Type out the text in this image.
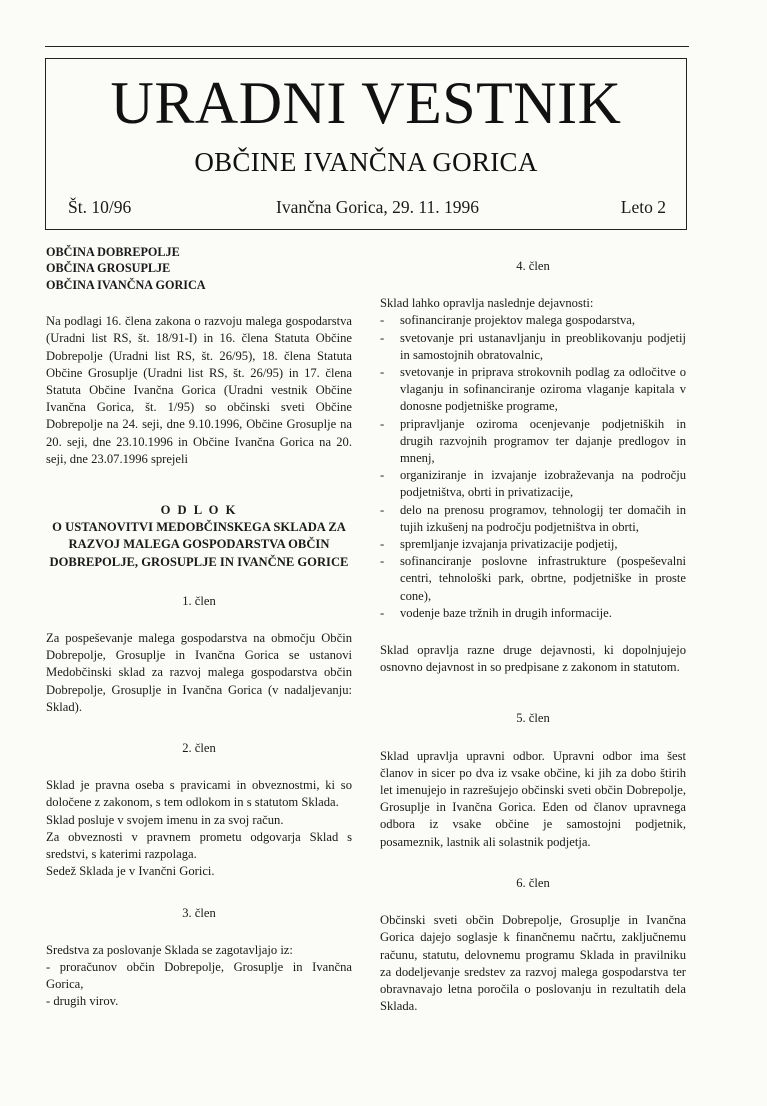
URADNI VESTNIK
OBČINE IVANČNA GORICA
Št. 10/96	Ivančna Gorica, 29. 11. 1996	Leto 2
OBČINA DOBREPOLJE
OBČINA GROSUPLJE
OBČINA IVANČNA GORICA

Na podlagi 16. člena zakona o razvoju malega gospodarstva (Uradni list RS, št. 18/91-I) in 16. člena Statuta Občine Dobrepolje (Uradni list RS, št. 26/95), 18. člena Statuta Občine Grosuplje (Uradni list RS, št. 26/95) in 17. člena Statuta Občine Ivančna Gorica (Uradni vestnik Občine Ivančna Gorica, št. 1/95) so občinski sveti Občine Dobrepolje na 24. seji, dne 9.10.1996, Občine Grosuplje na 20. seji, dne 23.10.1996 in Občine Ivančna Gorica na 20. seji, dne 23.07.1996 sprejeli

O D L O K
O USTANOVITVI MEDOBČINSKEGA SKLADA ZA RAZVOJ MALEGA GOSPODARSTVA OBČIN DOBREPOLJE, GROSUPLJE IN IVANČNE GORICE
1. člen

Za pospeševanje malega gospodarstva na območju Občin Dobrepolje, Grosuplje in Ivančna Gorica se ustanovi Medobčinski sklad za razvoj malega gospodarstva občin Dobrepolje, Grosuplje in Ivančna Gorica (v nadaljevanju: Sklad).

2. člen

Sklad je pravna oseba s pravicami in obveznostmi, ki so določene z zakonom, s tem odlokom in s statutom Sklada.

Sklad posluje v svojem imenu in za svoj račun.

Za obveznosti v pravnem prometu odgovarja Sklad s sredstvi, s katerimi razpolaga.

Sedež Sklada je v Ivančni Gorici.

3. člen

Sredstva za poslovanje Sklada se zagotavljajo iz:

- proračunov občin Dobrepolje, Grosuplje in Ivančna Gorica,

- drugih virov.

4. člen

Sklad lahko opravlja naslednje dejavnosti:

-	sofinanciranje projektov malega gospodarstva,
-	svetovanje pri ustanavljanju in preoblikovanju podjetij in samostojnih obratovalnic,
-	svetovanje in priprava strokovnih podlag za odločitve o vlaganju in sofinanciranje oziroma vlaganje kapitala v donosne podjetniške programe,
-	pripravljanje oziroma ocenjevanje podjetniških in drugih razvojnih programov ter dajanje predlogov in mnenj,
-	organiziranje in izvajanje izobraževanja na področju podjetništva, obrti in privatizacije,
-	delo na prenosu programov, tehnologij ter domačih in tujih izkušenj na področju podjetništva in obrti,
-	spremljanje izvajanja privatizacije podjetij,
-	sofinanciranje poslovne infrastrukture (pospeševalni centri, tehnološki park, obrtne, podjetniške in proste cone),
-	vodenje baze tržnih in drugih informacije.

Sklad opravlja razne druge dejavnosti, ki dopolnjujejo osnovno dejavnost in so predpisane z zakonom in statutom.

5. člen

Sklad upravlja upravni odbor. Upravni odbor ima šest članov in sicer po dva iz vsake občine, ki jih za dobo štirih let imenujejo in razrešujejo občinski sveti občin Dobrepolje, Grosuplje in Ivančna Gorica. Eden od članov upravnega odbora iz vsake občine je samostojni podjetnik, posameznik, lastnik ali solastnik podjetja.

6. člen

Občinski sveti občin Dobrepolje, Grosuplje in Ivančna Gorica dajejo soglasje k finančnemu načrtu, zaključnemu računu, statutu, delovnemu programu Sklada in pravilniku za dodeljevanje sredstev za razvoj malega gospodarstva ter obravnavajo letna poročila o poslovanju in rezultatih dela Sklada.
